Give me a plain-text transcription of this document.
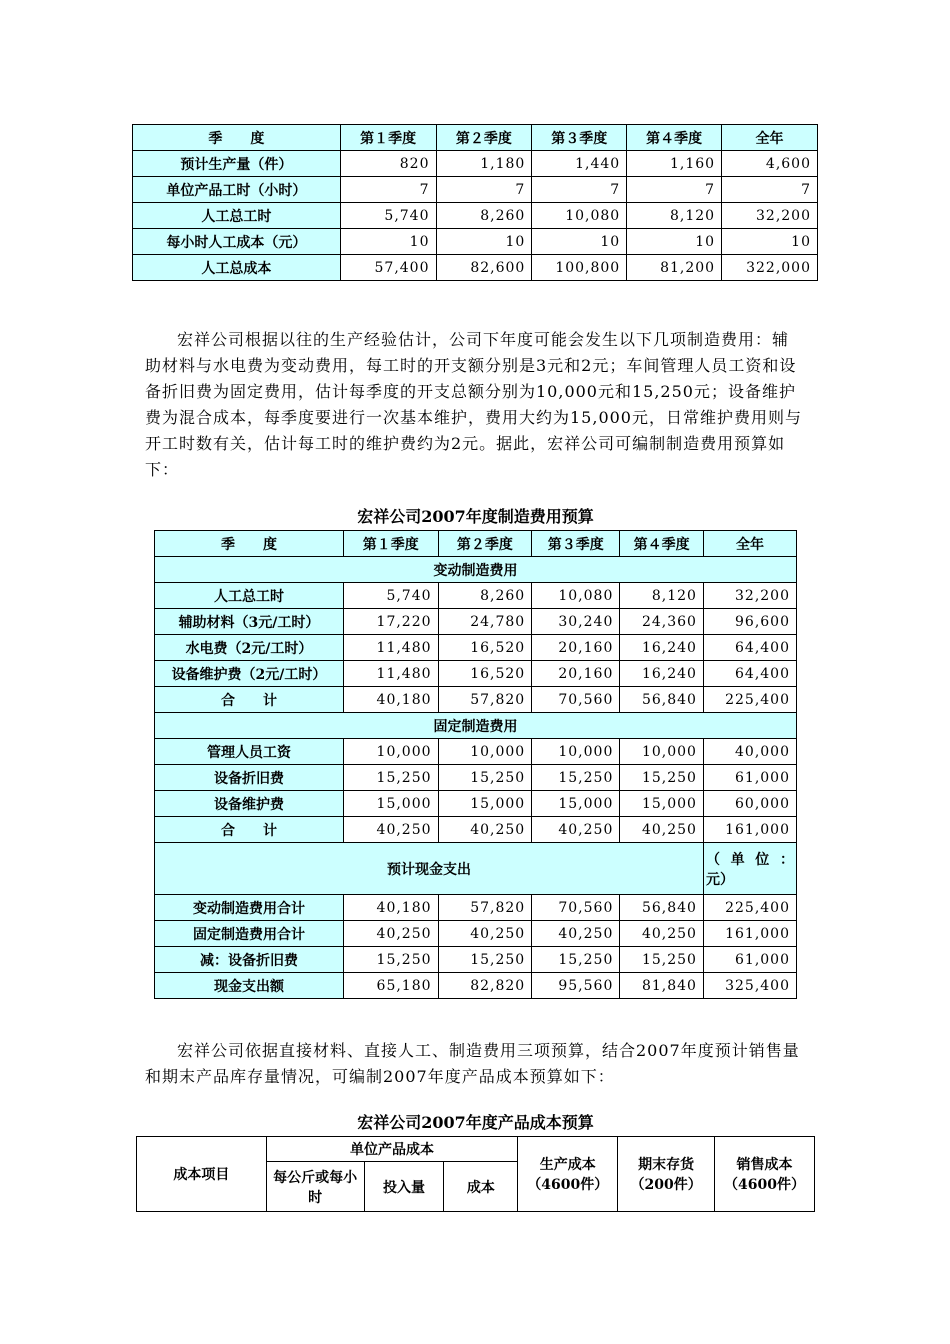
季　　度	第１季度	第２季度	第３季度	第４季度	全年
预计生产量（件）	820	1,180	1,440	1,160	4,600
单位产品工时（小时）	7	7	7	7	7
人工总工时	5,740	8,260	10,080	8,120	32,200
每小时人工成本（元）	10	10	10	10	10
人工总成本	57,400	82,600	100,800	81,200	322,000

宏祥公司根据以往的生产经验估计，公司下年度可能会发生以下几项制造费用：辅助材料与水电费为变动费用，每工时的开支额分别是3元和2元；车间管理人员工资和设备折旧费为固定费用，估计每季度的开支总额分别为10,000元和15,250元；设备维护费为混合成本，每季度要进行一次基本维护，费用大约为15,000元，日常维护费用则与开工时数有关，估计每工时的维护费约为2元。据此，宏祥公司可编制制造费用预算如下：

宏祥公司2007年度制造费用预算
季　　度	第１季度	第２季度	第３季度	第４季度	全年
变动制造费用					
人工总工时	5,740	8,260	10,080	8,120	32,200
辅助材料（3元/工时）	17,220	24,780	30,240	24,360	96,600
水电费（2元/工时）	11,480	16,520	20,160	16,240	64,400
设备维护费（2元/工时）	11,480	16,520	20,160	16,240	64,400
合　　计	40,180	57,820	70,560	56,840	225,400
固定制造费用					
管理人员工资	10,000	10,000	10,000	10,000	40,000
设备折旧费	15,250	15,250	15,250	15,250	61,000
设备维护费	15,000	15,000	15,000	15,000	60,000
合　　计	40,250	40,250	40,250	40,250	161,000
预计现金支出					（单位：
元）
变动制造费用合计	40,180	57,820	70,560	56,840	225,400
固定制造费用合计	40,250	40,250	40,250	40,250	161,000
减：设备折旧费	15,250	15,250	15,250	15,250	61,000
现金支出额	65,180	82,820	95,560	81,840	325,400

宏祥公司依据直接材料、直接人工、制造费用三项预算，结合2007年度预计销售量和期末产品库存量情况，可编制2007年度产品成本预算如下：

宏祥公司2007年度产品成本预算
成本项目	单位产品成本			生产成本（4600件）	期末存货（200件）	销售成本（4600件）
	每公斤或每小时	投入量	成本			
